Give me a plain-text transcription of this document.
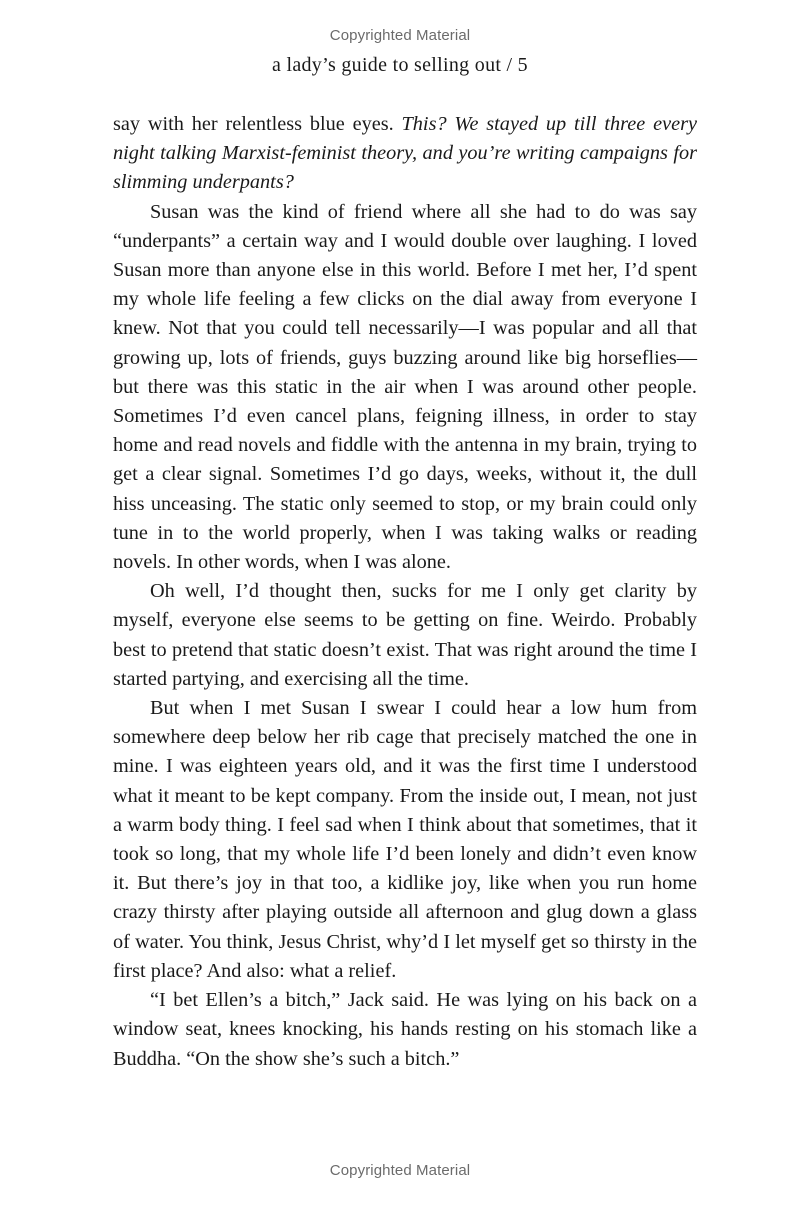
Copyrighted Material
a lady’s guide to selling out / 5

say with her relentless blue eyes. This? We stayed up till three every night talking Marxist-feminist theory, and you’re writing campaigns for slimming underpants?

Susan was the kind of friend where all she had to do was say “underpants” a certain way and I would double over laughing. I loved Susan more than anyone else in this world. Before I met her, I’d spent my whole life feeling a few clicks on the dial away from everyone I knew. Not that you could tell necessarily—I was popular and all that growing up, lots of friends, guys buzzing around like big horseflies—but there was this static in the air when I was around other people. Sometimes I’d even cancel plans, feigning illness, in order to stay home and read novels and fiddle with the antenna in my brain, trying to get a clear signal. Sometimes I’d go days, weeks, without it, the dull hiss unceasing. The static only seemed to stop, or my brain could only tune in to the world properly, when I was taking walks or reading novels. In other words, when I was alone.

Oh well, I’d thought then, sucks for me I only get clarity by myself, everyone else seems to be getting on fine. Weirdo. Probably best to pretend that static doesn’t exist. That was right around the time I started partying, and exercising all the time.

But when I met Susan I swear I could hear a low hum from somewhere deep below her rib cage that precisely matched the one in mine. I was eighteen years old, and it was the first time I understood what it meant to be kept company. From the inside out, I mean, not just a warm body thing. I feel sad when I think about that sometimes, that it took so long, that my whole life I’d been lonely and didn’t even know it. But there’s joy in that too, a kidlike joy, like when you run home crazy thirsty after playing outside all afternoon and glug down a glass of water. You think, Jesus Christ, why’d I let myself get so thirsty in the first place? And also: what a relief.

“I bet Ellen’s a bitch,” Jack said. He was lying on his back on a window seat, knees knocking, his hands resting on his stomach like a Buddha. “On the show she’s such a bitch.”

Copyrighted Material
